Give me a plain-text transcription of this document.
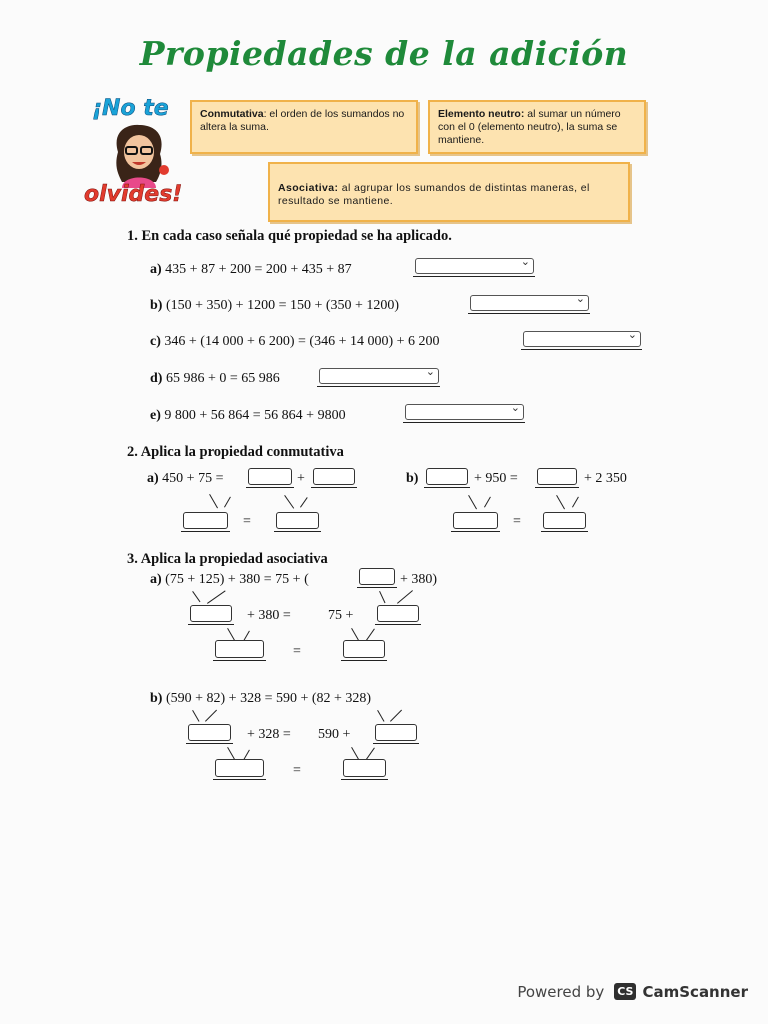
Propiedades de la adición
¡No te
olvides!
Conmutativa: el orden de los sumandos no altera la suma.
Elemento neutro: al sumar un número con el 0 (elemento neutro), la suma se mantiene.
Asociativa: al agrupar los sumandos de distintas maneras, el resultado se mantiene.
1. En cada caso señala qué propiedad se ha aplicado.
a) 435 + 87 + 200 = 200 + 435 + 87
⌄
b) (150 + 350) + 1200 = 150 + (350 + 1200)
⌄
c) 346 + (14 000 + 6 200) = (346 + 14 000) + 6 200
⌄
d) 65 986 + 0 = 65 986
⌄
e) 9 800 + 56 864 = 56 864 + 9800
⌄
2. Aplica la propiedad conmutativa
a) 450 + 75 =	+
=
b)	+ 950 =	+ 2 350
=
3. Aplica la propiedad asociativa
a) (75 + 125) + 380 = 75 + (	+ 380)
+ 380 =	75 +
=
b) (590 + 82) + 328 = 590 + (82 + 328)
+ 328 = 590 +
=
Powered by CS CamScanner
